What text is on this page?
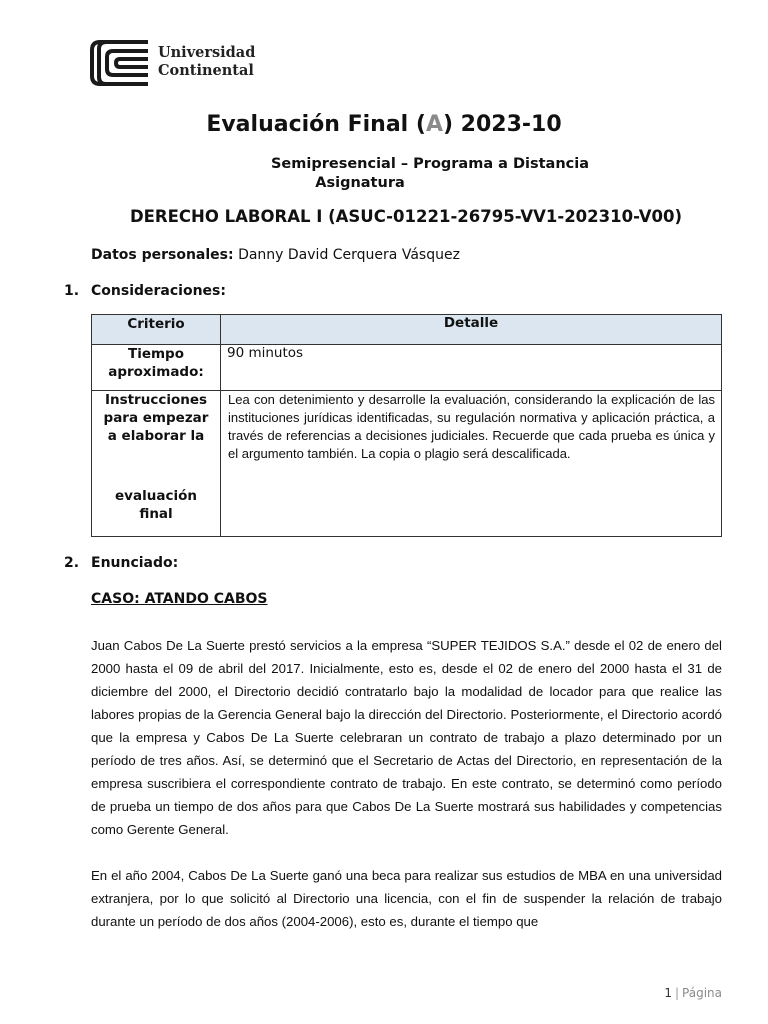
Universidad
Continental
Evaluación Final (A) 2023-10
Semipresencial – Programa a Distancia
Asignatura
DERECHO LABORAL I (ASUC-01221-26795-VV1-202310-V00)
Datos personales: Danny David Cerquera Vásquez
1. Consideraciones:
Criterio	Detalle
Tiempo aproximado:	90 minutos

Instrucciones para empezar a elaborar la
evaluación final	Lea con detenimiento y desarrolle la evaluación, considerando la explicación de las instituciones jurídicas identificadas, su regulación normativa y aplicación práctica, a través de referencias a decisiones judiciales. Recuerde que cada prueba es única y el argumento también. La copia o plagio será descalificada.
2. Enunciado:
CASO: ATANDO CABOS

Juan Cabos De La Suerte prestó servicios a la empresa “SUPER TEJIDOS S.A.” desde el 02 de enero del 2000 hasta el 09 de abril del 2017. Inicialmente, esto es, desde el 02 de enero del 2000 hasta el 31 de diciembre del 2000, el Directorio decidió contratarlo bajo la modalidad de locador para que realice las labores propias de la Gerencia General bajo la dirección del Directorio. Posteriormente, el Directorio acordó que la empresa y Cabos De La Suerte celebraran un contrato de trabajo a plazo determinado por un período de tres años. Así, se determinó que el Secretario de Actas del Directorio, en representación de la empresa suscribiera el correspondiente contrato de trabajo. En este contrato, se determinó como período de prueba un tiempo de dos años para que Cabos De La Suerte mostrará sus habilidades y competencias como Gerente General.

En el año 2004, Cabos De La Suerte ganó una beca para realizar sus estudios de MBA en una universidad extranjera, por lo que solicitó al Directorio una licencia, con el fin de suspender la relación de trabajo durante un período de dos años (2004-2006), esto es, durante el tiempo que

1 | Página
